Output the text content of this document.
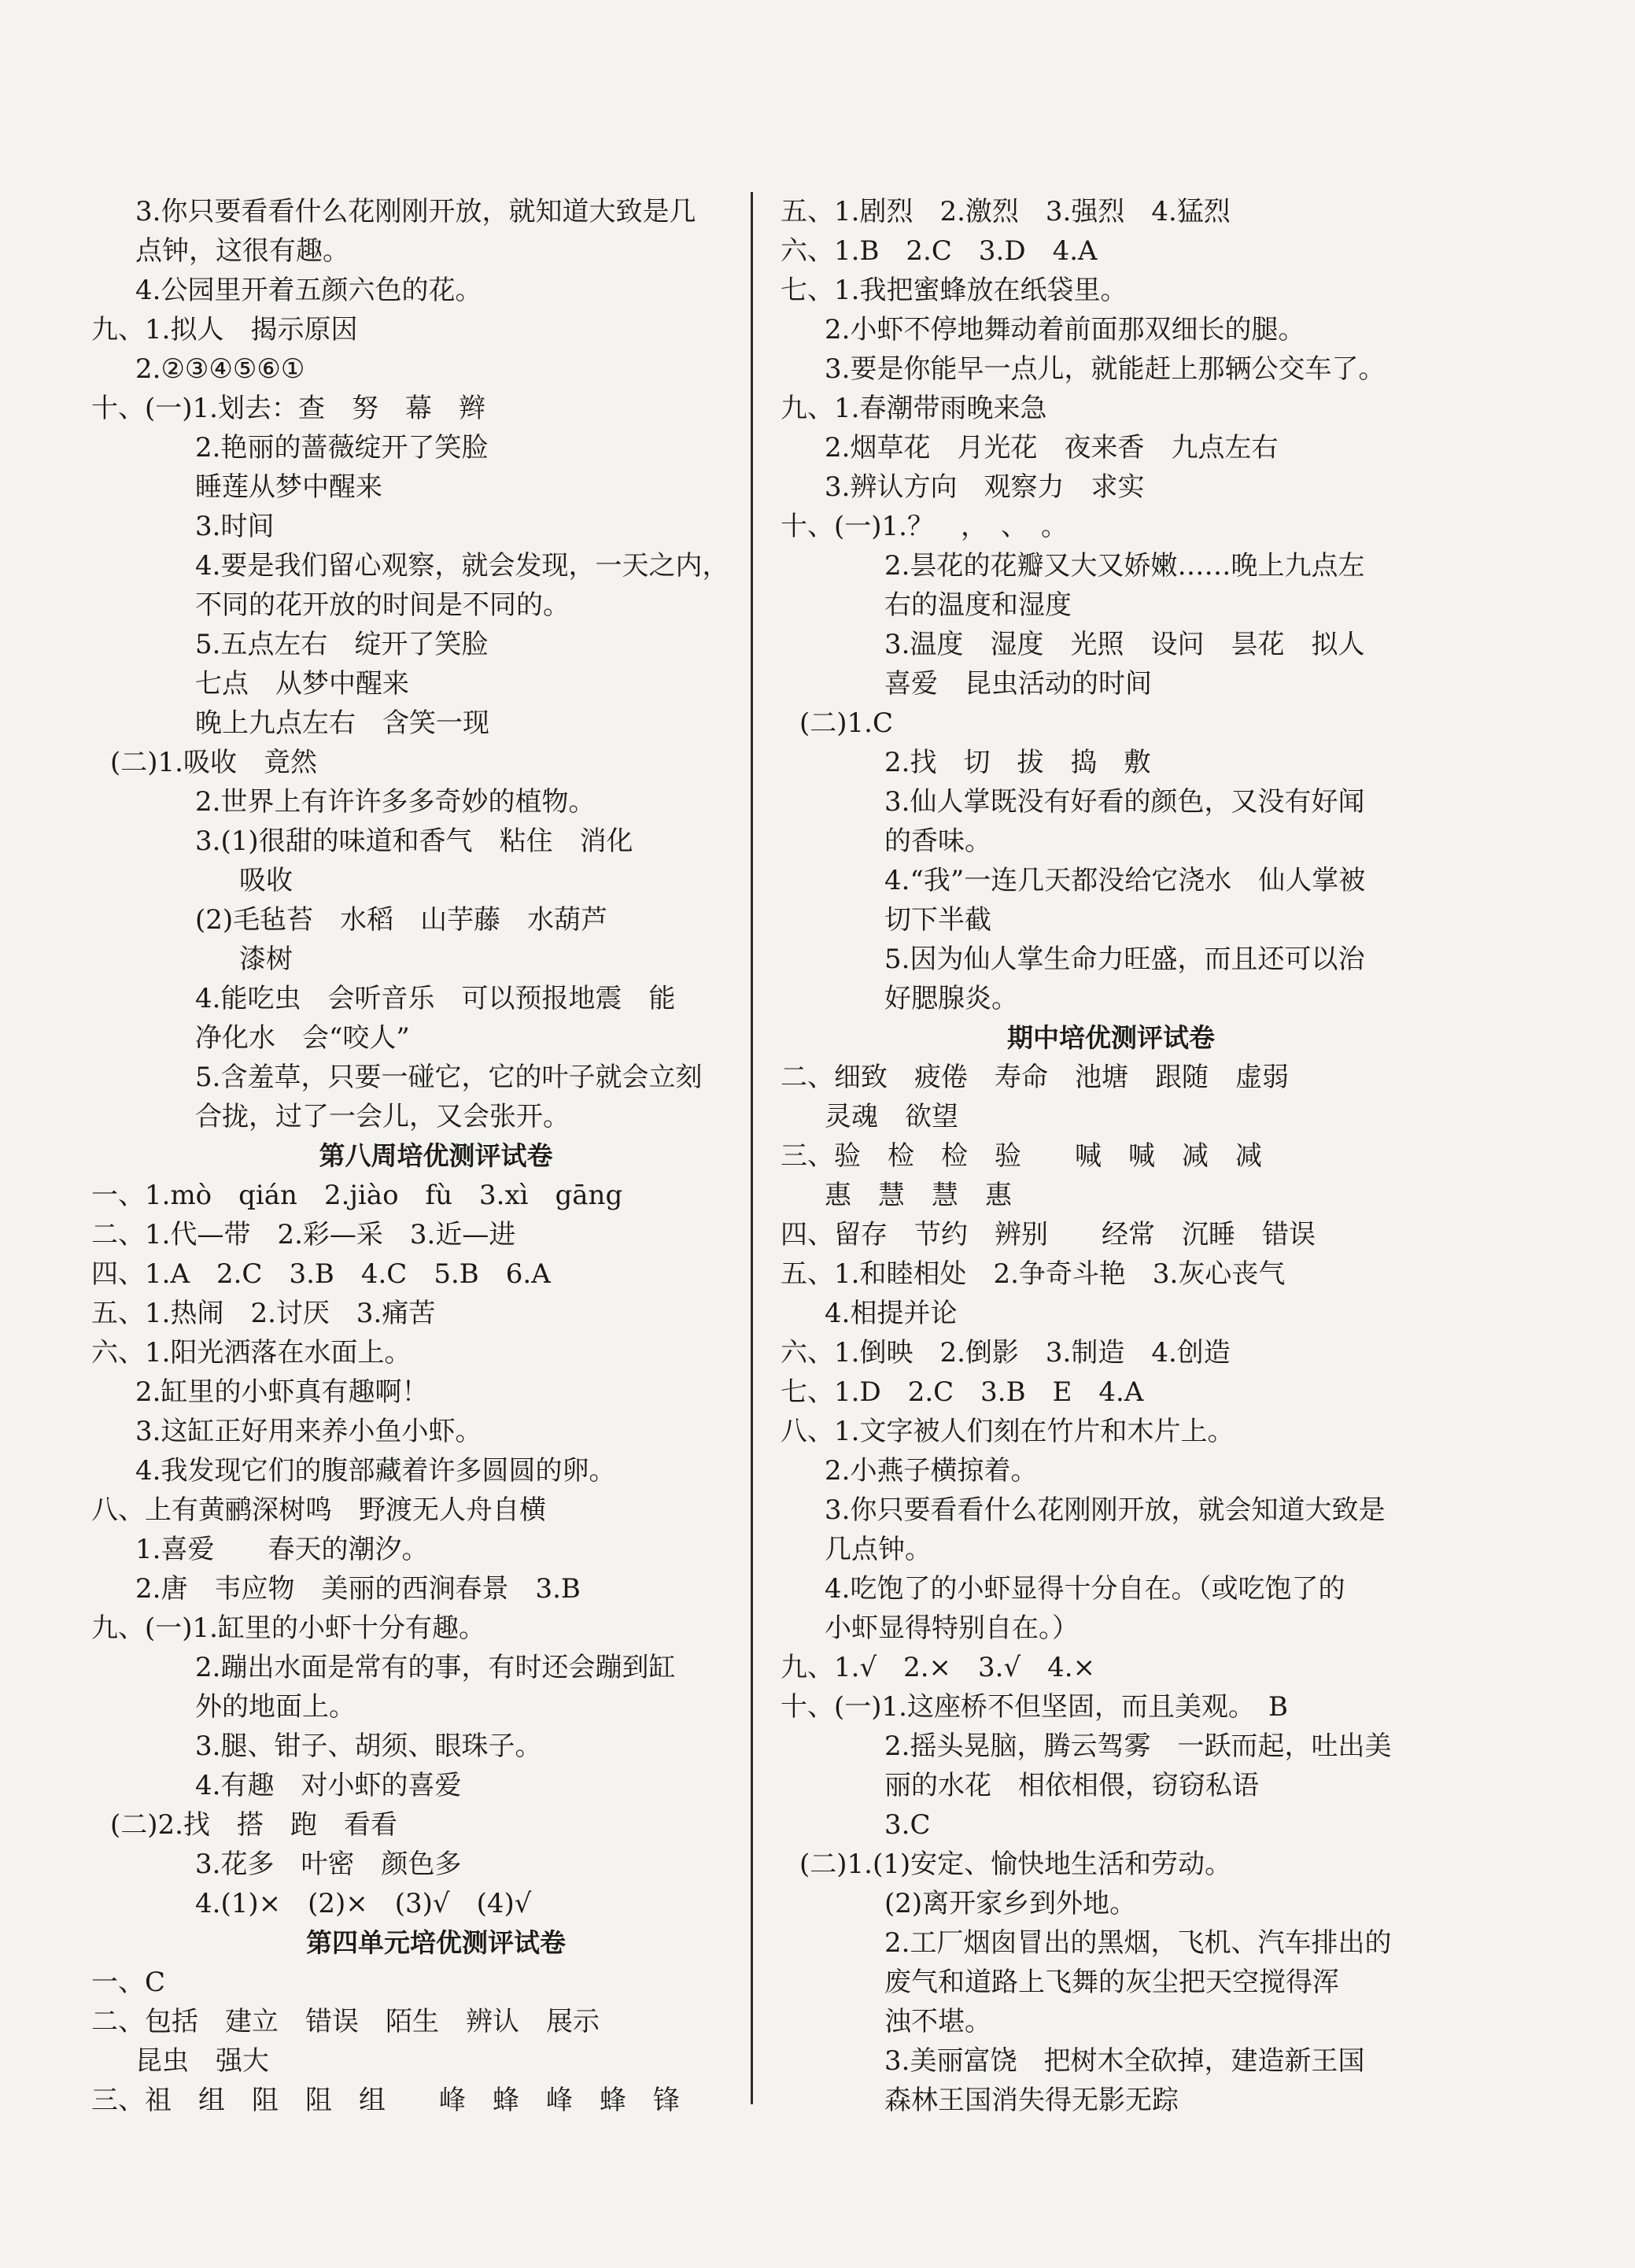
3.你只要看看什么花刚刚开放，就知道大致是几
点钟，这很有趣。
4.公园里开着五颜六色的花。
九、1.拟人　揭示原因
2.②③④⑤⑥①
十、(一)1.划去：查　努　幕　辫
2.艳丽的蔷薇绽开了笑脸
睡莲从梦中醒来
3.时间
4.要是我们留心观察，就会发现，一天之内，
不同的花开放的时间是不同的。
5.五点左右　绽开了笑脸
七点　从梦中醒来
晚上九点左右　含笑一现
(二)1.吸收　竟然
2.世界上有许许多多奇妙的植物。
3.(1)很甜的味道和香气　粘住　消化
吸收
(2)毛毡苔　水稻　山芋藤　水葫芦
漆树
4.能吃虫　会听音乐　可以预报地震　能
净化水　会“咬人”
5.含羞草，只要一碰它，它的叶子就会立刻
合拢，过了一会儿，又会张开。
第八周培优测评试卷
一、1.mò　qián　2.jiào　fù　3.xì　gāng
二、1.代—带　2.彩—采　3.近—进
四、1.A　2.C　3.B　4.C　5.B　6.A
五、1.热闹　2.讨厌　3.痛苦
六、1.阳光洒落在水面上。
2.缸里的小虾真有趣啊！
3.这缸正好用来养小鱼小虾。
4.我发现它们的腹部藏着许多圆圆的卵。
八、上有黄鹂深树鸣　野渡无人舟自横
1.喜爱　　春天的潮汐。
2.唐　韦应物　美丽的西涧春景　3.B
九、(一)1.缸里的小虾十分有趣。
2.蹦出水面是常有的事，有时还会蹦到缸
外的地面上。
3.腿、钳子、胡须、眼珠子。
4.有趣　对小虾的喜爱
(二)2.找　搭　跑　看看
3.花多　叶密　颜色多
4.(1)×　(2)×　(3)√　(4)√
第四单元培优测评试卷
一、C
二、包括　建立　错误　陌生　辨认　展示
昆虫　强大
三、祖　组　阻　阻　组　　峰　蜂　峰　蜂　锋
五、1.剧烈　2.激烈　3.强烈　4.猛烈
六、1.B　2.C　3.D　4.A
七、1.我把蜜蜂放在纸袋里。
2.小虾不停地舞动着前面那双细长的腿。
3.要是你能早一点儿，就能赶上那辆公交车了。
九、1.春潮带雨晚来急
2.烟草花　月光花　夜来香　九点左右
3.辨认方向　观察力　求实
十、(一)1.？　，　、　。
2.昙花的花瓣又大又娇嫩……晚上九点左
右的温度和湿度
3.温度　湿度　光照　设问　昙花　拟人
喜爱　昆虫活动的时间
(二)1.C
2.找　切　拔　捣　敷
3.仙人掌既没有好看的颜色，又没有好闻
的香味。
4.“我”一连几天都没给它浇水　仙人掌被
切下半截
5.因为仙人掌生命力旺盛，而且还可以治
好腮腺炎。
期中培优测评试卷
二、细致　疲倦　寿命　池塘　跟随　虚弱
灵魂　欲望
三、验　检　检　验　　喊　喊　减　减
惠　慧　慧　惠
四、留存　节约　辨别　　经常　沉睡　错误
五、1.和睦相处　2.争奇斗艳　3.灰心丧气
4.相提并论
六、1.倒映　2.倒影　3.制造　4.创造
七、1.D　2.C　3.B　E　4.A
八、1.文字被人们刻在竹片和木片上。
2.小燕子横掠着。
3.你只要看看什么花刚刚开放，就会知道大致是
几点钟。
4.吃饱了的小虾显得十分自在。（或吃饱了的
小虾显得特别自在。）
九、1.√　2.×　3.√　4.×
十、(一)1.这座桥不但坚固，而且美观。　B
2.摇头晃脑，腾云驾雾　一跃而起，吐出美
丽的水花　相依相偎，窃窃私语
3.C
(二)1.(1)安定、愉快地生活和劳动。
(2)离开家乡到外地。
2.工厂烟囱冒出的黑烟，飞机、汽车排出的
废气和道路上飞舞的灰尘把天空搅得浑
浊不堪。
3.美丽富饶　把树木全砍掉，建造新王国
森林王国消失得无影无踪
